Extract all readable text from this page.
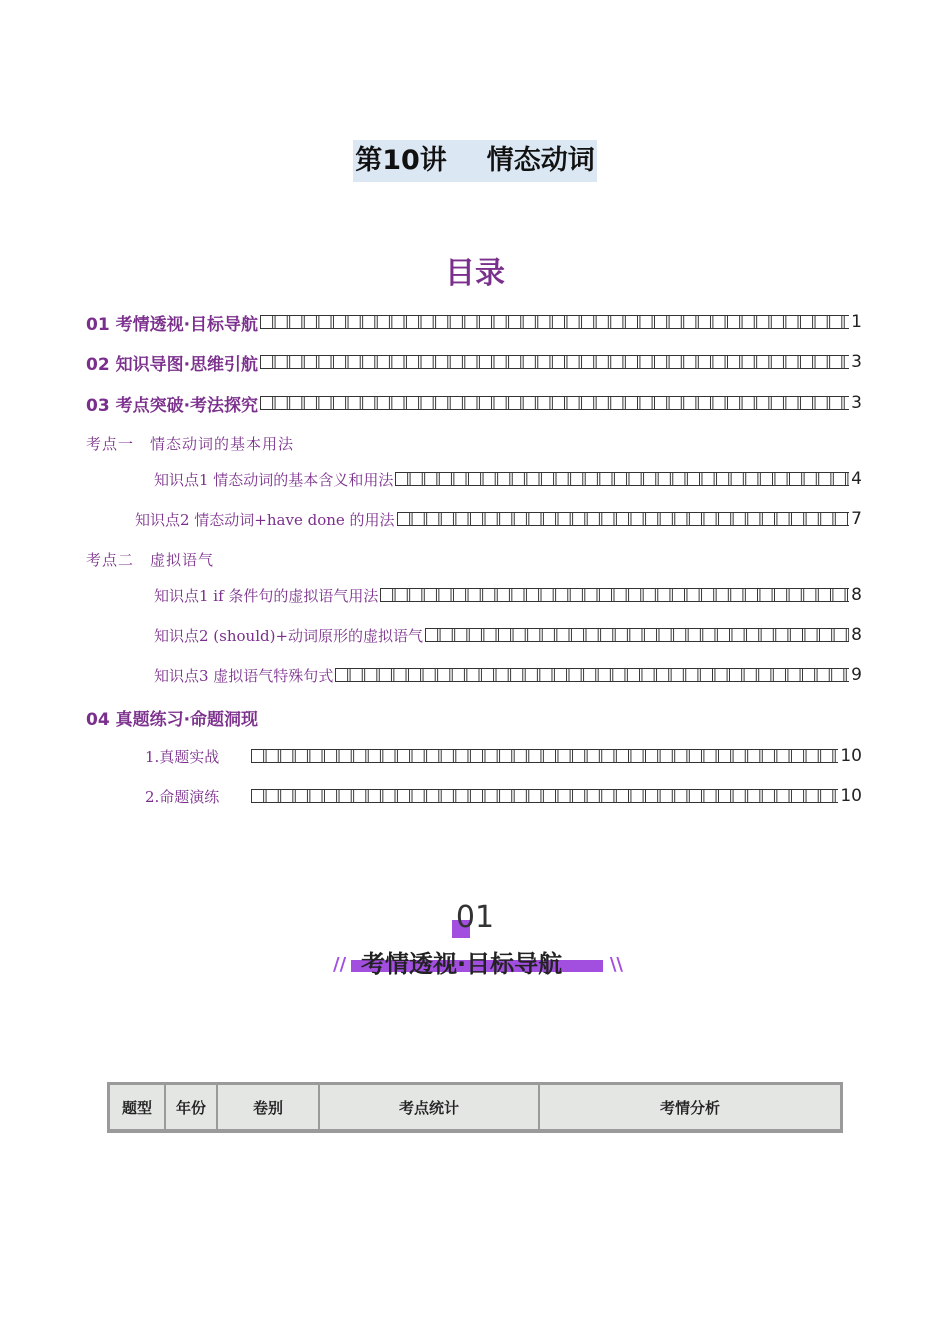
第10讲 情态动词
目录
01 考情透视·目标导航	1
02 知识导图·思维引航	3
03 考点突破·考法探究	3
考点一　情态动词的基本用法
知识点1 情态动词的基本含义和用法	4
知识点2 情态动词+have done 的用法	7
考点二　虚拟语气
知识点1 if 条件句的虚拟语气用法	8
知识点2 (should)+动词原形的虚拟语气	8
知识点3 虚拟语气特殊句式	9
04 真题练习·命题洞现
1.真题实战	10
2.命题演练	10
01
// 考情透视·目标导航	\\
题型	年份	卷别	考点统计	考情分析
